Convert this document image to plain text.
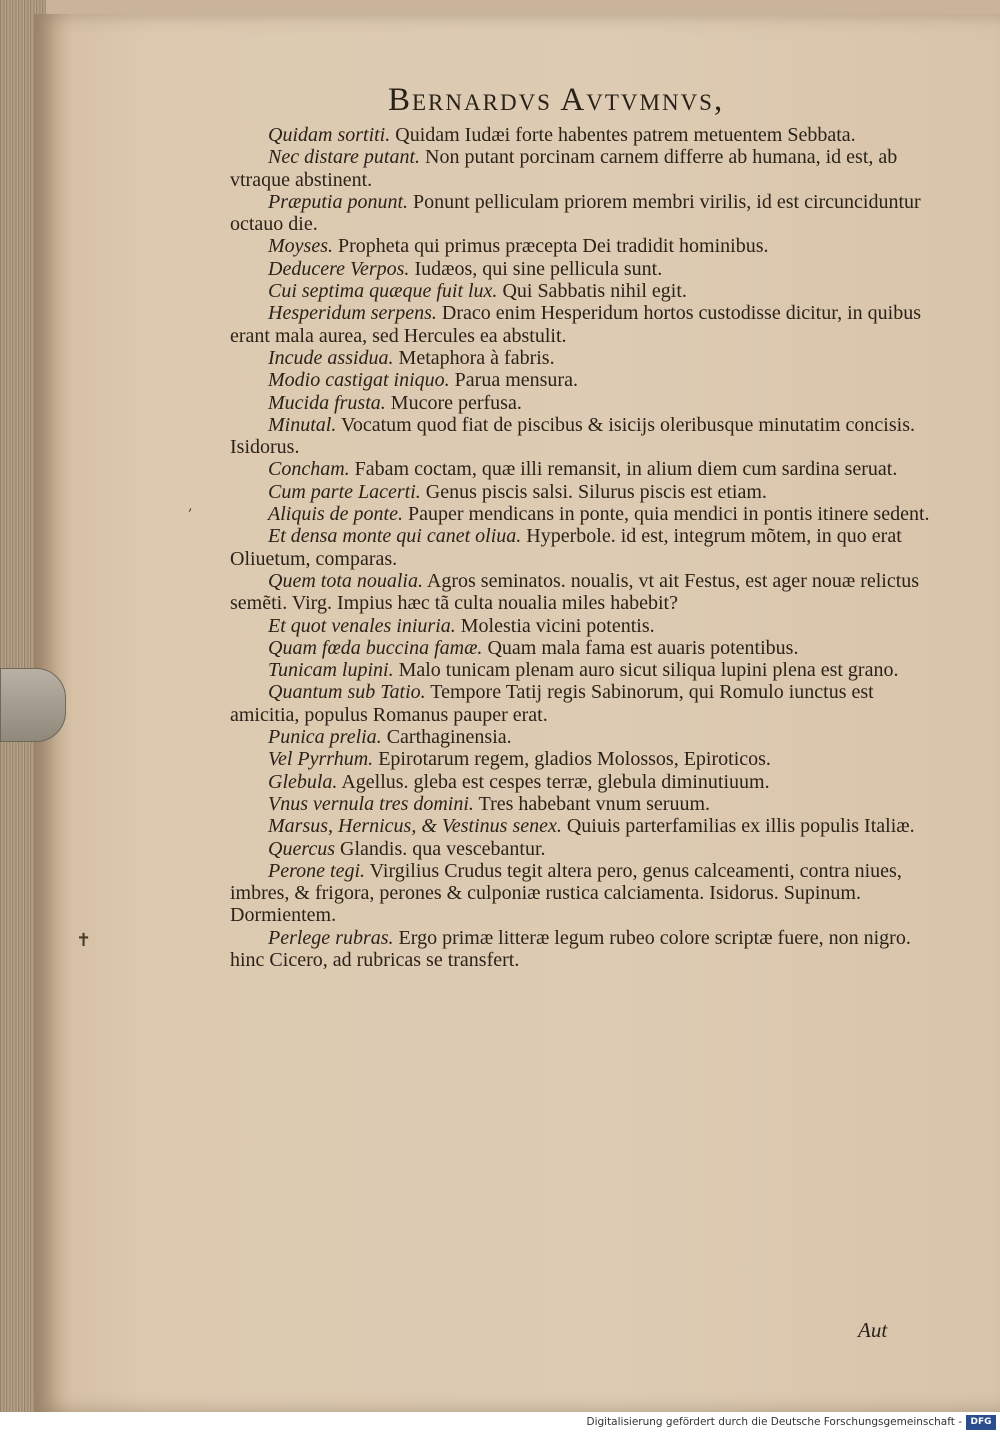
Bernardvs Avtvmnvs,
Quidam sortiti. Quidam Iudæi forte habentes patrem metuentem Sebbata.
Nec distare putant. Non putant porcinam carnem differre ab humana, id est, ab vtraque abstinent.
Præputia ponunt. Ponunt pelliculam priorem membri virilis, id est circunciduntur octauo die.
Moyses. Propheta qui primus præcepta Dei tradidit hominibus.
Deducere Verpos. Iudæos, qui sine pellicula sunt.
Cui septima quæque fuit lux. Qui Sabbatis nihil egit.
Hesperidum serpens. Draco enim Hesperidum hortos custodisse dicitur, in quibus erant mala aurea, sed Hercules ea abstulit.
Incude assidua. Metaphora à fabris.
Modio castigat iniquo. Parua mensura.
Mucida frusta. Mucore perfusa.
Minutal. Vocatum quod fiat de piscibus & isicijs oleribusque minutatim concisis. Isidorus.
Concham. Fabam coctam, quæ illi remansit, in alium diem cum sardina seruat.
Cum parte Lacerti. Genus piscis salsi. Silurus piscis est etiam.
Aliquis de ponte. Pauper mendicans in ponte, quia mendici in pontis itinere sedent.
Et densa monte qui canet oliua. Hyperbole. id est, integrum mõtem, in quo erat Oliuetum, comparas.
Quem tota noualia. Agros seminatos. noualis, vt ait Festus, est ager nouæ relictus semẽti. Virg. Impius hæc tã culta noualia miles habebit?
Et quot venales iniuria. Molestia vicini potentis.
Quam fœda buccina famæ. Quam mala fama est auaris potentibus.
Tunicam lupini. Malo tunicam plenam auro sicut siliqua lupini plena est grano.
Quantum sub Tatio. Tempore Tatij regis Sabinorum, qui Romulo iunctus est amicitia, populus Romanus pauper erat.
Punica prelia. Carthaginensia.
Vel Pyrrhum. Epirotarum regem, gladios Molossos, Epiroticos.
Glebula. Agellus. gleba est cespes terræ, glebula diminutiuum.
Vnus vernula tres domini. Tres habebant vnum seruum.
Marsus, Hernicus, & Vestinus senex. Quiuis parterfamilias ex illis populis Italiæ.
Quercus Glandis. qua vescebantur.
Perone tegi. Virgilius Crudus tegit altera pero, genus calceamenti, contra niues, imbres, & frigora, perones & culponiæ rustica calciamenta. Isidorus. Supinum. Dormientem.
Perlege rubras. Ergo primæ litteræ legum rubeo colore scriptæ fuere, non nigro. hinc Cicero, ad rubricas se transfert.
Aut
‚
✝
Digitalisierung gefördert durch die Deutsche Forschungsgemeinschaft - DFG
